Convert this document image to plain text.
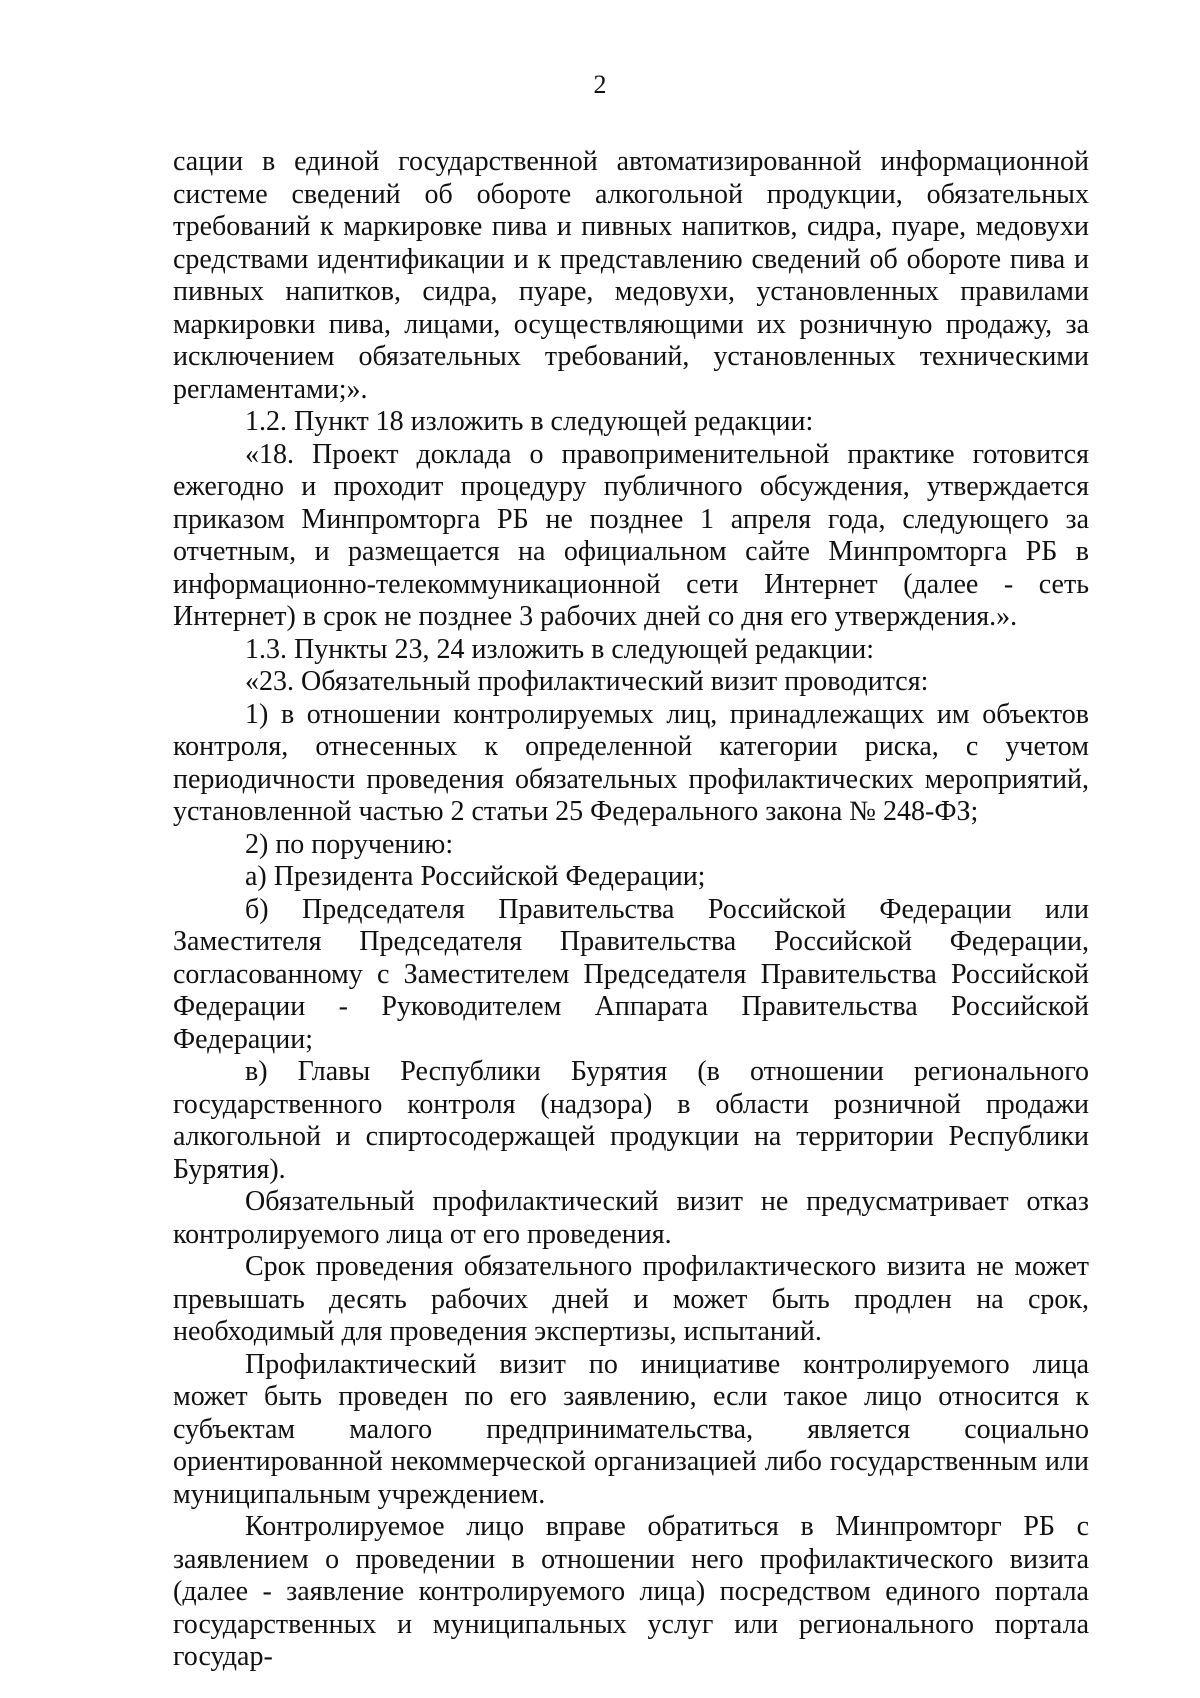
2

сации в единой государственной автоматизированной информационной системе сведений об обороте алкогольной продукции, обязательных требований к маркировке пива и пивных напитков, сидра, пуаре, медовухи средствами идентификации и к представлению сведений об обороте пива и пивных напитков, сидра, пуаре, медовухи, установленных правилами маркировки пива, лицами, осуществляющими их розничную продажу, за исключением обязательных требований, установленных техническими регламентами;».

1.2. Пункт 18 изложить в следующей редакции:

«18. Проект доклада о правоприменительной практике готовится ежегодно и проходит процедуру публичного обсуждения, утверждается приказом Минпромторга РБ не позднее 1 апреля года, следующего за отчетным, и размещается на официальном сайте Минпромторга РБ в информационно-телекоммуникационной сети Интернет (далее - сеть Интернет) в срок не позднее 3 рабочих дней со дня его утверждения.».

1.3. Пункты 23, 24 изложить в следующей редакции:

«23. Обязательный профилактический визит проводится:

1) в отношении контролируемых лиц, принадлежащих им объектов контроля, отнесенных к определенной категории риска, с учетом периодичности проведения обязательных профилактических мероприятий, установленной частью 2 статьи 25 Федерального закона № 248-ФЗ;

2) по поручению:

а) Президента Российской Федерации;

б) Председателя Правительства Российской Федерации или Заместителя Председателя Правительства Российской Федерации, согласованному с Заместителем Председателя Правительства Российской Федерации - Руководителем Аппарата Правительства Российской Федерации;

в) Главы Республики Бурятия (в отношении регионального государственного контроля (надзора) в области розничной продажи алкогольной и спиртосодержащей продукции на территории Республики Бурятия).

Обязательный профилактический визит не предусматривает отказ контролируемого лица от его проведения.

Срок проведения обязательного профилактического визита не может превышать десять рабочих дней и может быть продлен на срок, необходимый для проведения экспертизы, испытаний.

Профилактический визит по инициативе контролируемого лица может быть проведен по его заявлению, если такое лицо относится к субъектам малого предпринимательства, является социально ориентированной некоммерческой организацией либо государственным или муниципальным учреждением.

Контролируемое лицо вправе обратиться в Минпромторг РБ с заявлением о проведении в отношении него профилактического визита (далее - заявление контролируемого лица) посредством единого портала государственных и муниципальных услуг или регионального портала государ-
